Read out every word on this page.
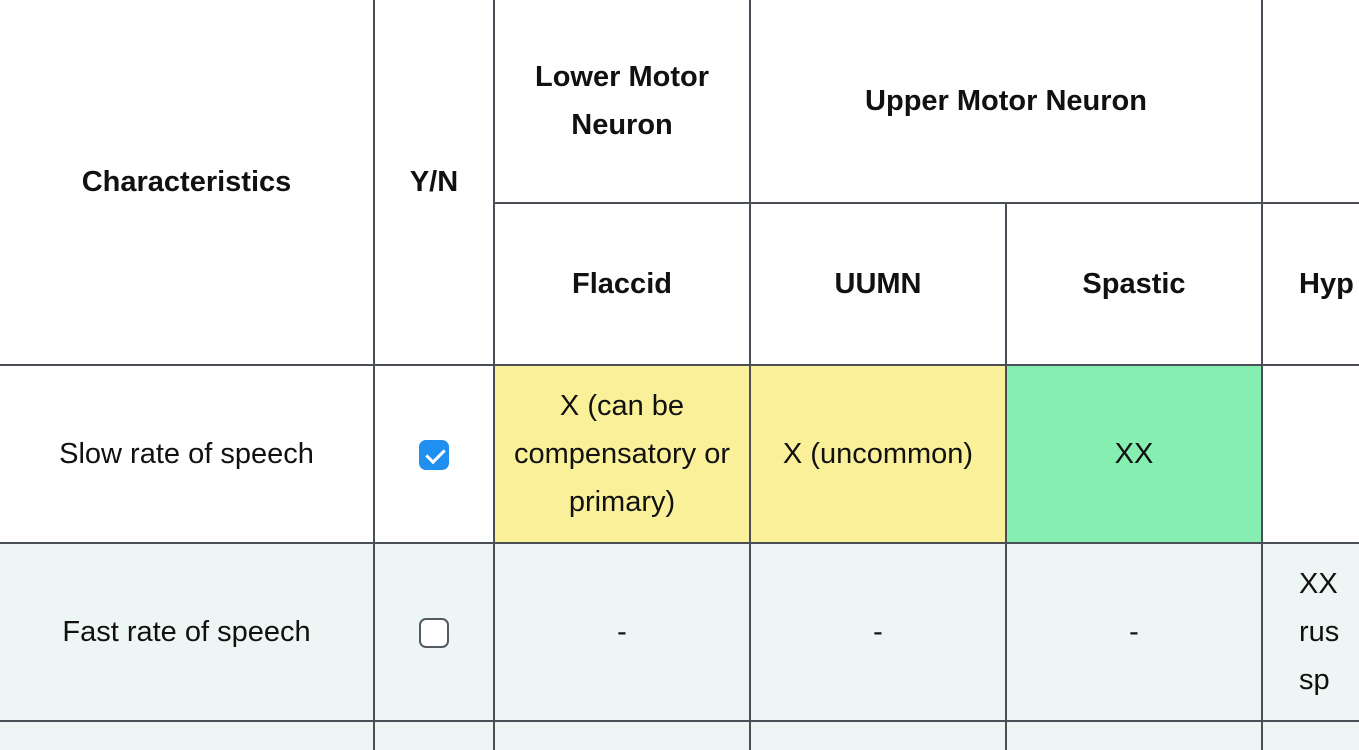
Characteristics	Y/N	Lower Motor Neuron	Upper Motor Neuron		
		Flaccid	UUMN	Spastic	Hyp
Slow rate of speech		X (can be compensatory or primary)	X (uncommon)	XX	
Fast rate of speech		-	-	-	XX
rus
sp
